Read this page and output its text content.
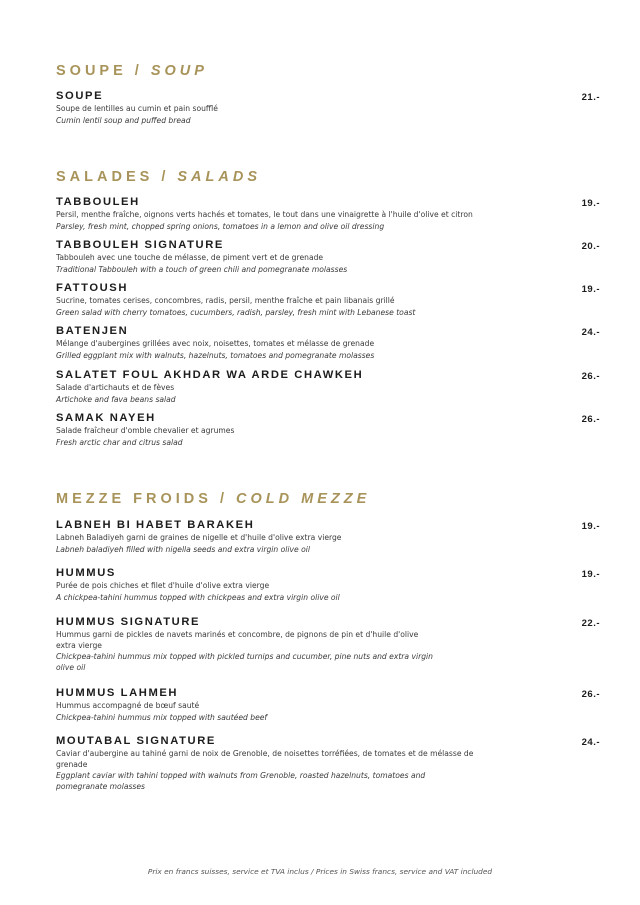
SOUPE / SOUP
SOUPE	21.-
Soupe de lentilles au cumin et pain soufflé
Cumin lentil soup and puffed bread
SALADES / SALADS
TABBOULEH	19.-
Persil, menthe fraîche, oignons verts hachés et tomates, le tout dans une vinaigrette à l'huile d'olive et citron
Parsley, fresh mint, chopped spring onions, tomatoes in a lemon and olive oil dressing
TABBOULEH SIGNATURE	20.-
Tabbouleh avec une touche de mélasse, de piment vert et de grenade
Traditional Tabbouleh with a touch of green chili and pomegranate molasses
FATTOUSH	19.-
Sucrine, tomates cerises, concombres, radis, persil, menthe fraîche et pain libanais grillé
Green salad with cherry tomatoes, cucumbers, radish, parsley, fresh mint with Lebanese toast
BATENJEN	24.-
Mélange d'aubergines grillées avec noix, noisettes, tomates et mélasse de grenade
Grilled eggplant mix with walnuts, hazelnuts, tomatoes and pomegranate molasses
SALATET FOUL AKHDAR WA ARDE CHAWKEH	26.-
Salade d'artichauts et de fèves
Artichoke and fava beans salad
SAMAK NAYEH	26.-
Salade fraîcheur d'omble chevalier et agrumes
Fresh arctic char and citrus salad
MEZZE FROIDS / COLD MEZZE
LABNEH BI HABET BARAKEH	19.-
Labneh Baladiyeh garni de graines de nigelle et d'huile d'olive extra vierge
Labneh baladiyeh filled with nigella seeds and extra virgin olive oil
HUMMUS	19.-
Purée de pois chiches et filet d'huile d'olive extra vierge
A chickpea-tahini hummus topped with chickpeas and extra virgin olive oil
HUMMUS SIGNATURE	22.-
Hummus garni de pickles de navets marinés et concombre, de pignons de pin et d'huile d'olive extra vierge
Chickpea-tahini hummus mix topped with pickled turnips and cucumber, pine nuts and extra virgin olive oil
HUMMUS LAHMEH	26.-
Hummus accompagné de bœuf sauté
Chickpea-tahini hummus mix topped with sautéed beef
MOUTABAL SIGNATURE	24.-
Caviar d'aubergine au tahiné garni de noix de Grenoble, de noisettes torréfiées, de tomates et de mélasse de grenade
Eggplant caviar with tahini topped with walnuts from Grenoble, roasted hazelnuts, tomatoes and pomegranate molasses
Prix en francs suisses, service et TVA inclus / Prices in Swiss francs, service and VAT included
